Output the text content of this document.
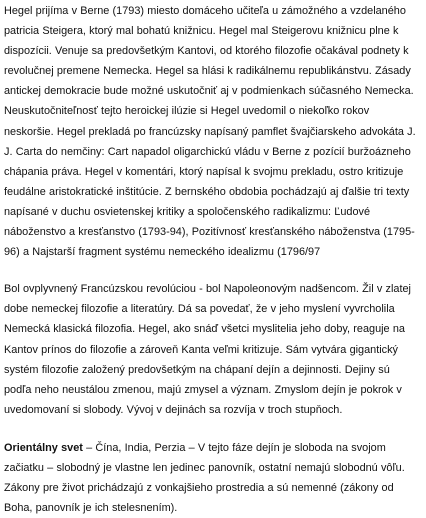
Hegel prijíma v Berne (1793) miesto domáceho učiteľa u zámožného a vzdelaného
patricia Steigera, ktorý mal bohatú knižnicu. Hegel mal Steigerovu knižnicu plne k
dispozícii. Venuje sa predovšetkým Kantovi, od ktorého filozofie očakával podnety k
revolučnej premene Nemecka. Hegel sa hlási k radikálnemu republikánstvu. Zásady
antickej demokracie bude možné uskutočniť aj v podmienkach súčasného Nemecka.
Neuskutočniteľnosť tejto heroickej ilúzie si Hegel uvedomil o niekoľko rokov
neskoršie. Hegel prekladá po francúzsky napísaný pamflet švajčiarskeho advokáta J.
J. Carta do nemčiny: Cart napadol oligarchickú vládu v Berne z pozícií buržoázneho
chápania práva. Hegel v komentári, ktorý napísal k svojmu prekladu, ostro kritizuje
feudálne aristokratické inštitúcie. Z bernského obdobia pochádzajú aj ďalšie tri texty
napísané v duchu osvietenskej kritiky a spoločenského radikalizmu: Ľudové
náboženstvo a kresťanstvo (1793-94), Pozitívnosť kresťanského náboženstva (1795-
96) a Najstarší fragment systému nemeckého idealizmu (1796/97

Bol ovplyvnený Francúzskou revolúciou - bol Napoleonovým nadšencom. Žil v zlatej
dobe nemeckej filozofie a literatúry. Dá sa povedať, že v jeho myslení vyvrcholila
Nemecká klasická filozofia. Hegel, ako snáď všetci myslitelia jeho doby, reaguje na
Kantov prínos do filozofie a zároveň Kanta veľmi kritizuje. Sám vytvára gigantický
systém filozofie založený predovšetkým na chápaní dejín a dejinnosti. Dejiny sú
podľa neho neustálou zmenou, majú zmysel a význam. Zmyslom dejín je pokrok v
uvedomovaní si slobody. Vývoj v dejinách sa rozvíja v troch stupňoch.

Orientálny svet – Čína, India, Perzia – V tejto fáze dejín je sloboda na svojom
začiatku – slobodný je vlastne len jedinec panovník, ostatní nemajú slobodnú vôľu.
Zákony pre život prichádzajú z vonkajšieho prostredia a sú nemenné (zákony od
Boha, panovník je ich stelesnením).
